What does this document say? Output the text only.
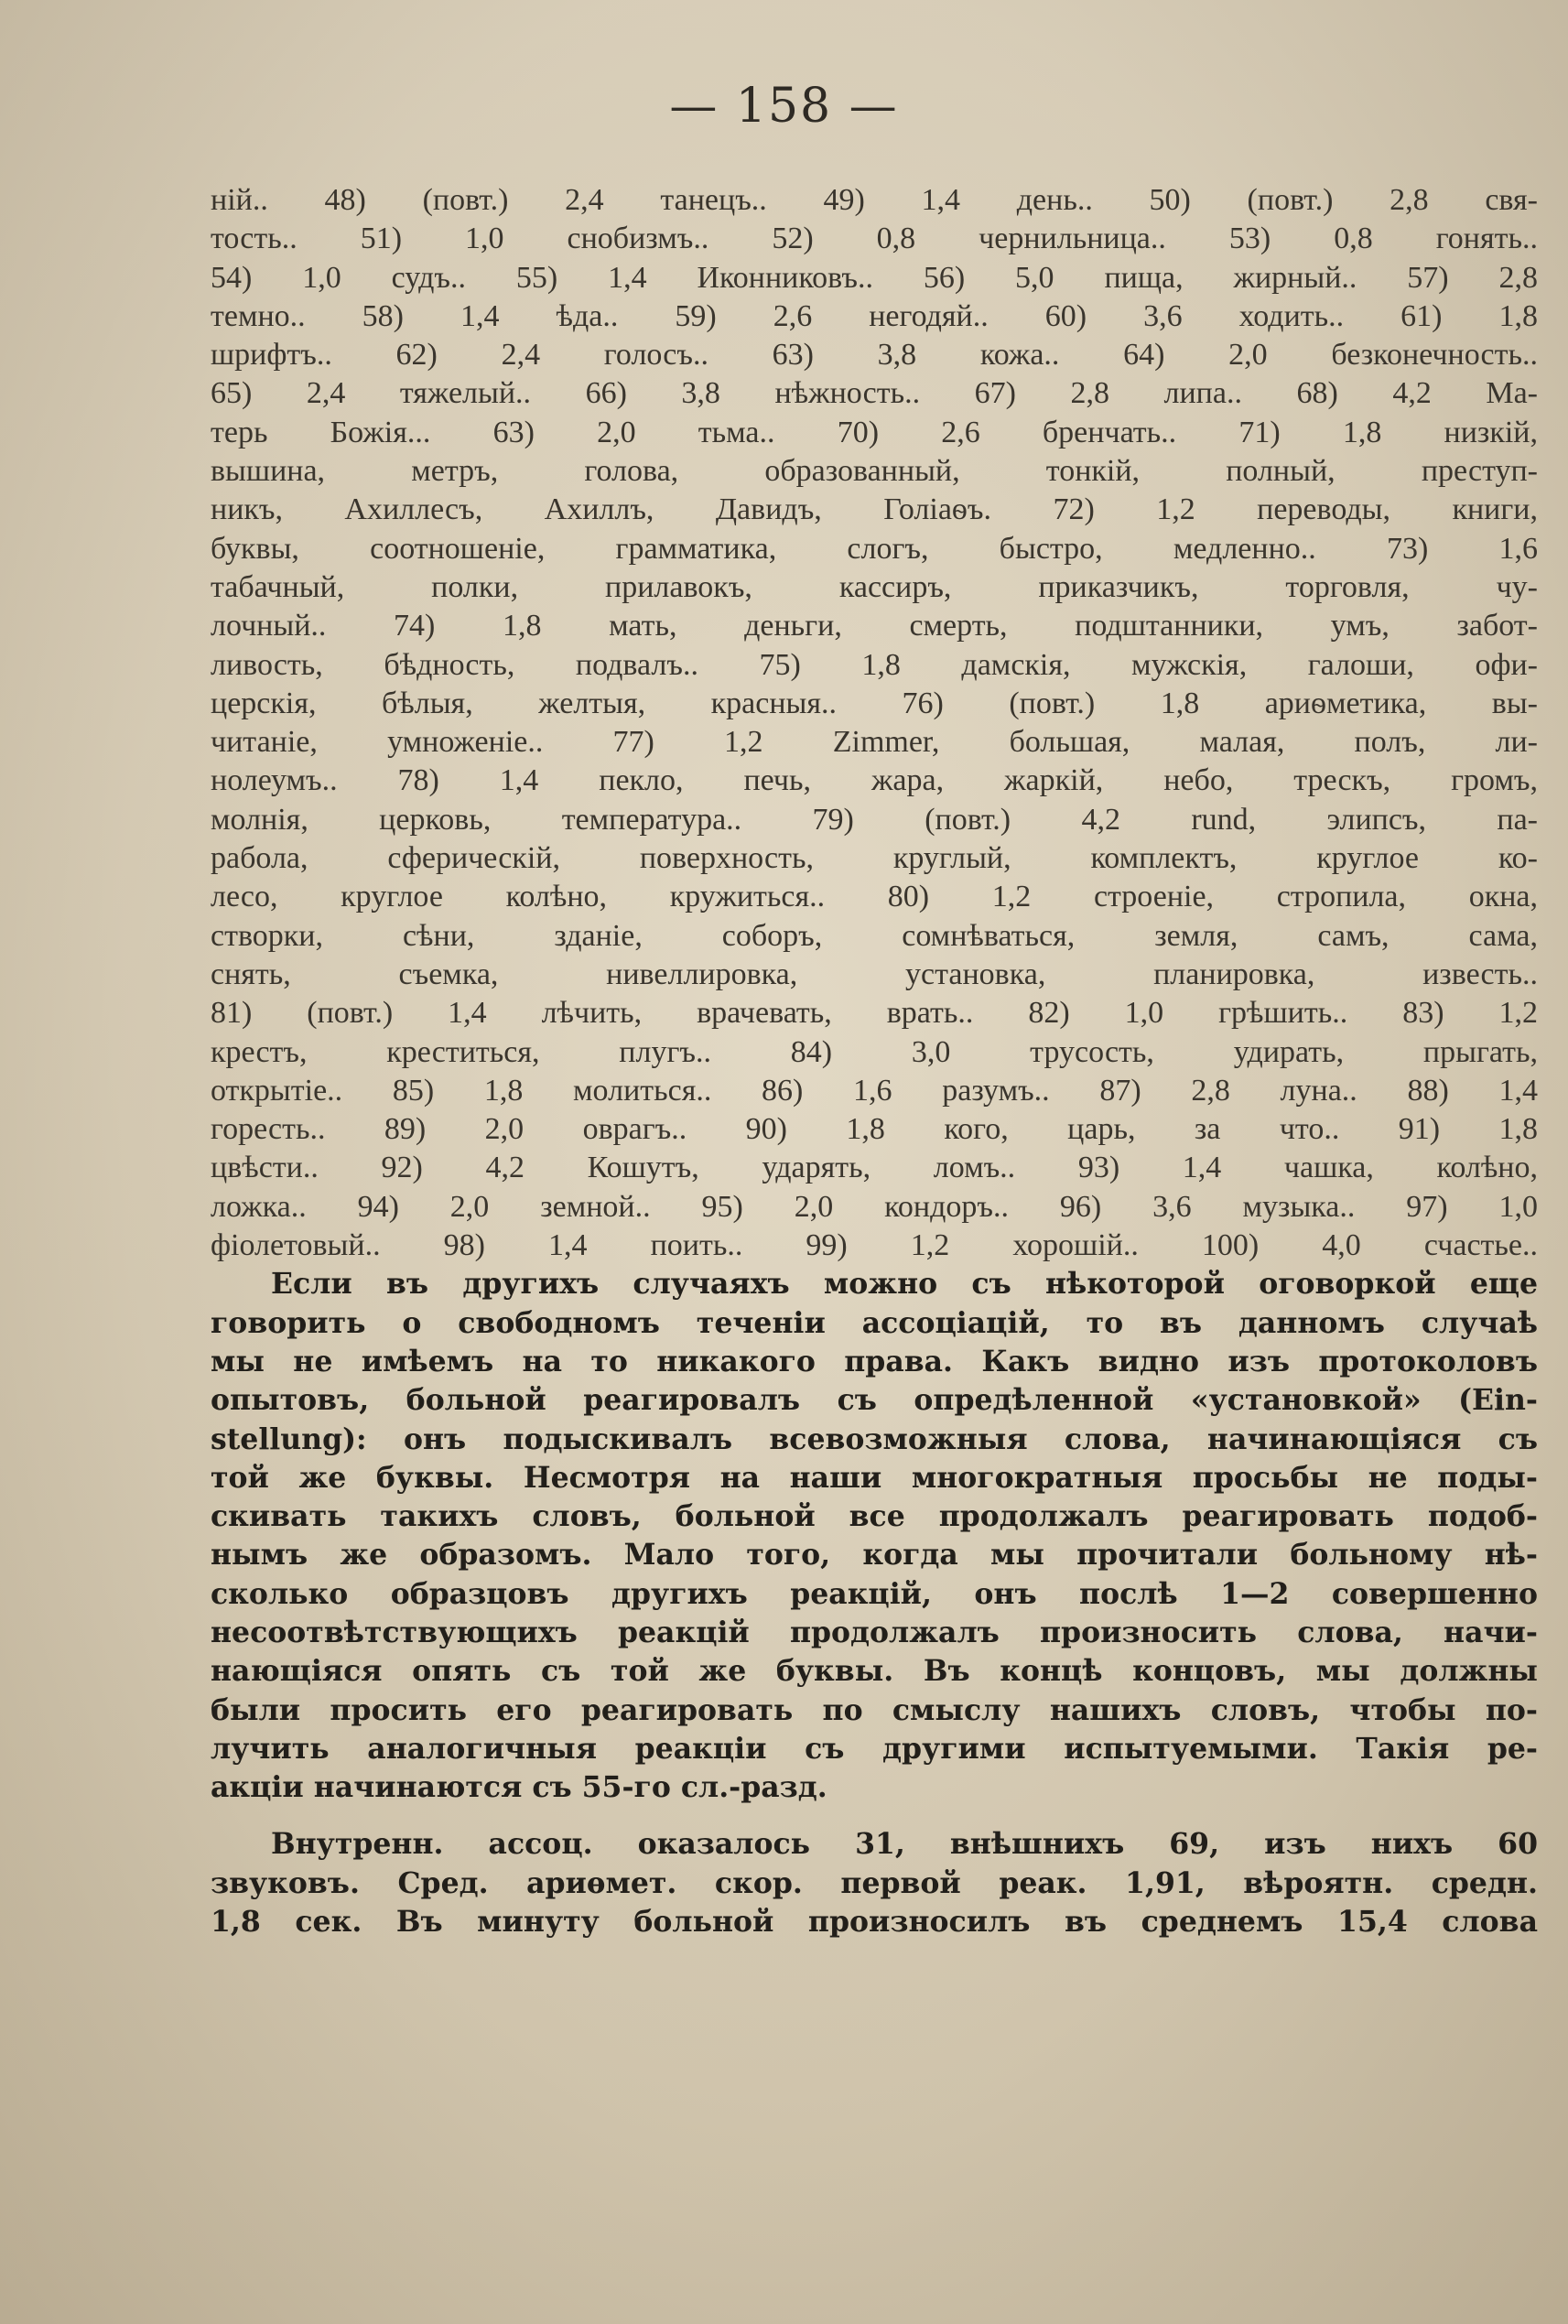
— 158 —
ній.. 48) (повт.) 2,4 танецъ.. 49) 1,4 день.. 50) (повт.) 2,8 свя-
тость.. 51) 1,0 снобизмъ.. 52) 0,8 чернильница.. 53) 0,8 гонять..
54) 1,0 судъ.. 55) 1,4 Иконниковъ.. 56) 5,0 пища, жирный.. 57) 2,8
темно.. 58) 1,4 ѣда.. 59) 2,6 негодяй.. 60) 3,6 ходить.. 61) 1,8
шрифтъ.. 62) 2,4 голосъ.. 63) 3,8 кожа.. 64) 2,0 безконечность..
65) 2,4 тяжелый.. 66) 3,8 нѣжность.. 67) 2,8 липа.. 68) 4,2 Ма-
терь Божія... 63) 2,0 тьма.. 70) 2,6 бренчать.. 71) 1,8 низкій,
вышина, метръ, голова, образованный, тонкій, полный, преступ-
никъ, Ахиллесъ, Ахиллъ, Давидъ, Голіаѳъ. 72) 1,2 переводы, книги,
буквы, соотношеніе, грамматика, слогъ, быстро, медленно.. 73) 1,6
табачный, полки, прилавокъ, кассиръ, приказчикъ, торговля, чу-
лочный.. 74) 1,8 мать, деньги, смерть, подштанники, умъ, забот-
ливость, бѣдность, подвалъ.. 75) 1,8 дамскія, мужскія, галоши, офи-
церскія, бѣлыя, желтыя, красныя.. 76) (повт.) 1,8 ариѳметика, вы-
читаніе, умноженіе.. 77) 1,2 Zimmer, большая, малая, полъ, ли-
нолеумъ.. 78) 1,4 пекло, печь, жара, жаркій, небо, трескъ, громъ,
молнія, церковь, температура.. 79) (повт.) 4,2 rund, элипсъ, па-
рабола, сферическій, поверхность, круглый, комплектъ, круглое ко-
лесо, круглое колѣно, кружиться.. 80) 1,2 строеніе, стропила, окна,
створки, сѣни, зданіе, соборъ, сомнѣваться, земля, самъ, сама,
снять, съемка, нивеллировка, установка, планировка, известь..
81) (повт.) 1,4 лѣчить, врачевать, врать.. 82) 1,0 грѣшить.. 83) 1,2
крестъ, креститься, плугъ.. 84) 3,0 трусость, удирать, прыгать,
открытіе.. 85) 1,8 молиться.. 86) 1,6 разумъ.. 87) 2,8 луна.. 88) 1,4
горесть.. 89) 2,0 оврагъ.. 90) 1,8 кого, царь, за что.. 91) 1,8
цвѣсти.. 92) 4,2 Кошутъ, ударять, ломъ.. 93) 1,4 чашка, колѣно,
ложка.. 94) 2,0 земной.. 95) 2,0 кондоръ.. 96) 3,6 музыка.. 97) 1,0
фіолетовый.. 98) 1,4 поить.. 99) 1,2 хорошій.. 100) 4,0 счастье..
Если въ другихъ случаяхъ можно съ нѣкоторой оговоркой еще
говорить о свободномъ теченіи ассоціацій, то въ данномъ случаѣ
мы не имѣемъ на то никакого права. Какъ видно изъ протоколовъ
опытовъ, больной реагировалъ съ опредѣленной «установкой» (Ein-
stellung): онъ подыскивалъ всевозможныя слова, начинающіяся съ
той же буквы. Несмотря на наши многократныя просьбы не поды-
скивать такихъ словъ, больной все продолжалъ реагировать подоб-
нымъ же образомъ. Мало того, когда мы прочитали больному нѣ-
сколько образцовъ другихъ реакцій, онъ послѣ 1—2 совершенно
несоотвѣтствующихъ реакцій продолжалъ произносить слова, начи-
нающіяся опять съ той же буквы. Въ концѣ концовъ, мы должны
были просить его реагировать по смыслу нашихъ словъ, чтобы по-
лучить аналогичныя реакціи съ другими испытуемыми. Такія ре-
акціи начинаются съ 55-го сл.-разд.
Внутренн. ассоц. оказалось 31, внѣшнихъ 69, изъ нихъ 60
звуковъ. Сред. ариѳмет. скор. первой реак. 1,91, вѣроятн. средн.
1,8 сек. Въ минуту больной произносилъ въ среднемъ 15,4 слова
